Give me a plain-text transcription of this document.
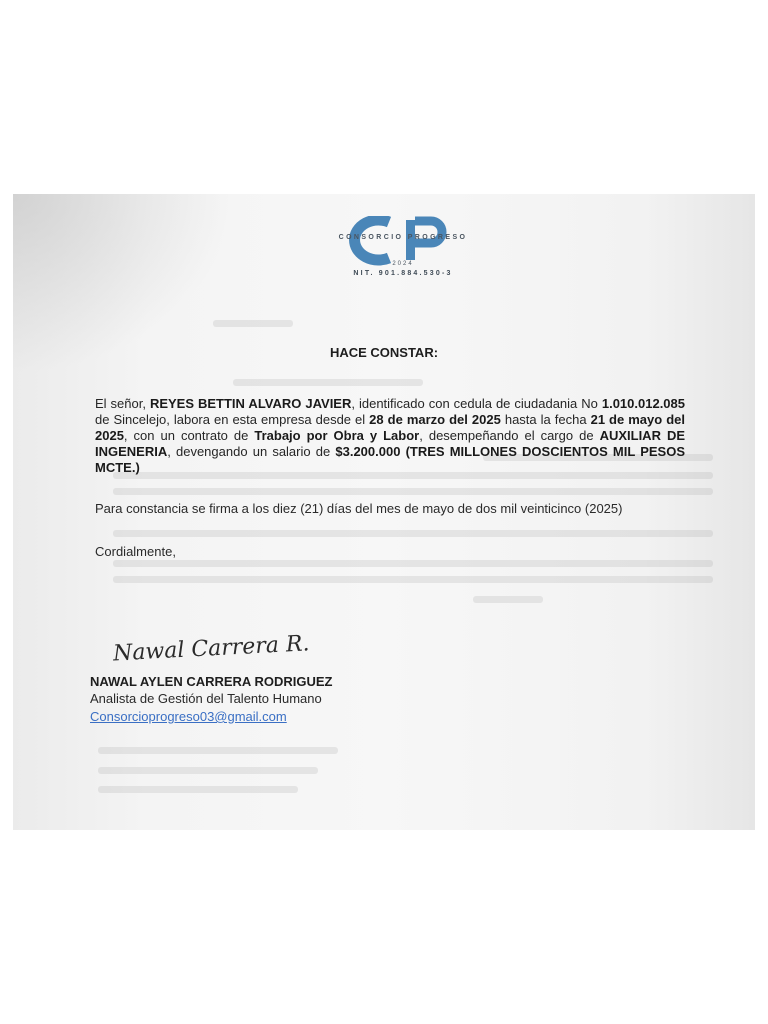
CONSORCIO PROGRESO
2024
NIT. 901.884.530-3
HACE CONSTAR:
El señor, REYES BETTIN ALVARO JAVIER, identificado con cedula de ciudadania No 1.010.012.085 de Sincelejo, labora en esta empresa desde el 28 de marzo del 2025 hasta la fecha 21 de mayo del 2025, con un contrato de Trabajo por Obra y Labor, desempeñando el cargo de AUXILIAR DE INGENERIA, devengando un salario de $3.200.000 (TRES MILLONES DOSCIENTOS MIL PESOS MCTE.)
Para constancia se firma a los diez (21) días del mes de mayo de dos mil veinticinco (2025)
Cordialmente,
Nawal Carrera R.
NAWAL AYLEN CARRERA RODRIGUEZ
Analista de Gestión del Talento Humano
Consorcioprogreso03@gmail.com
